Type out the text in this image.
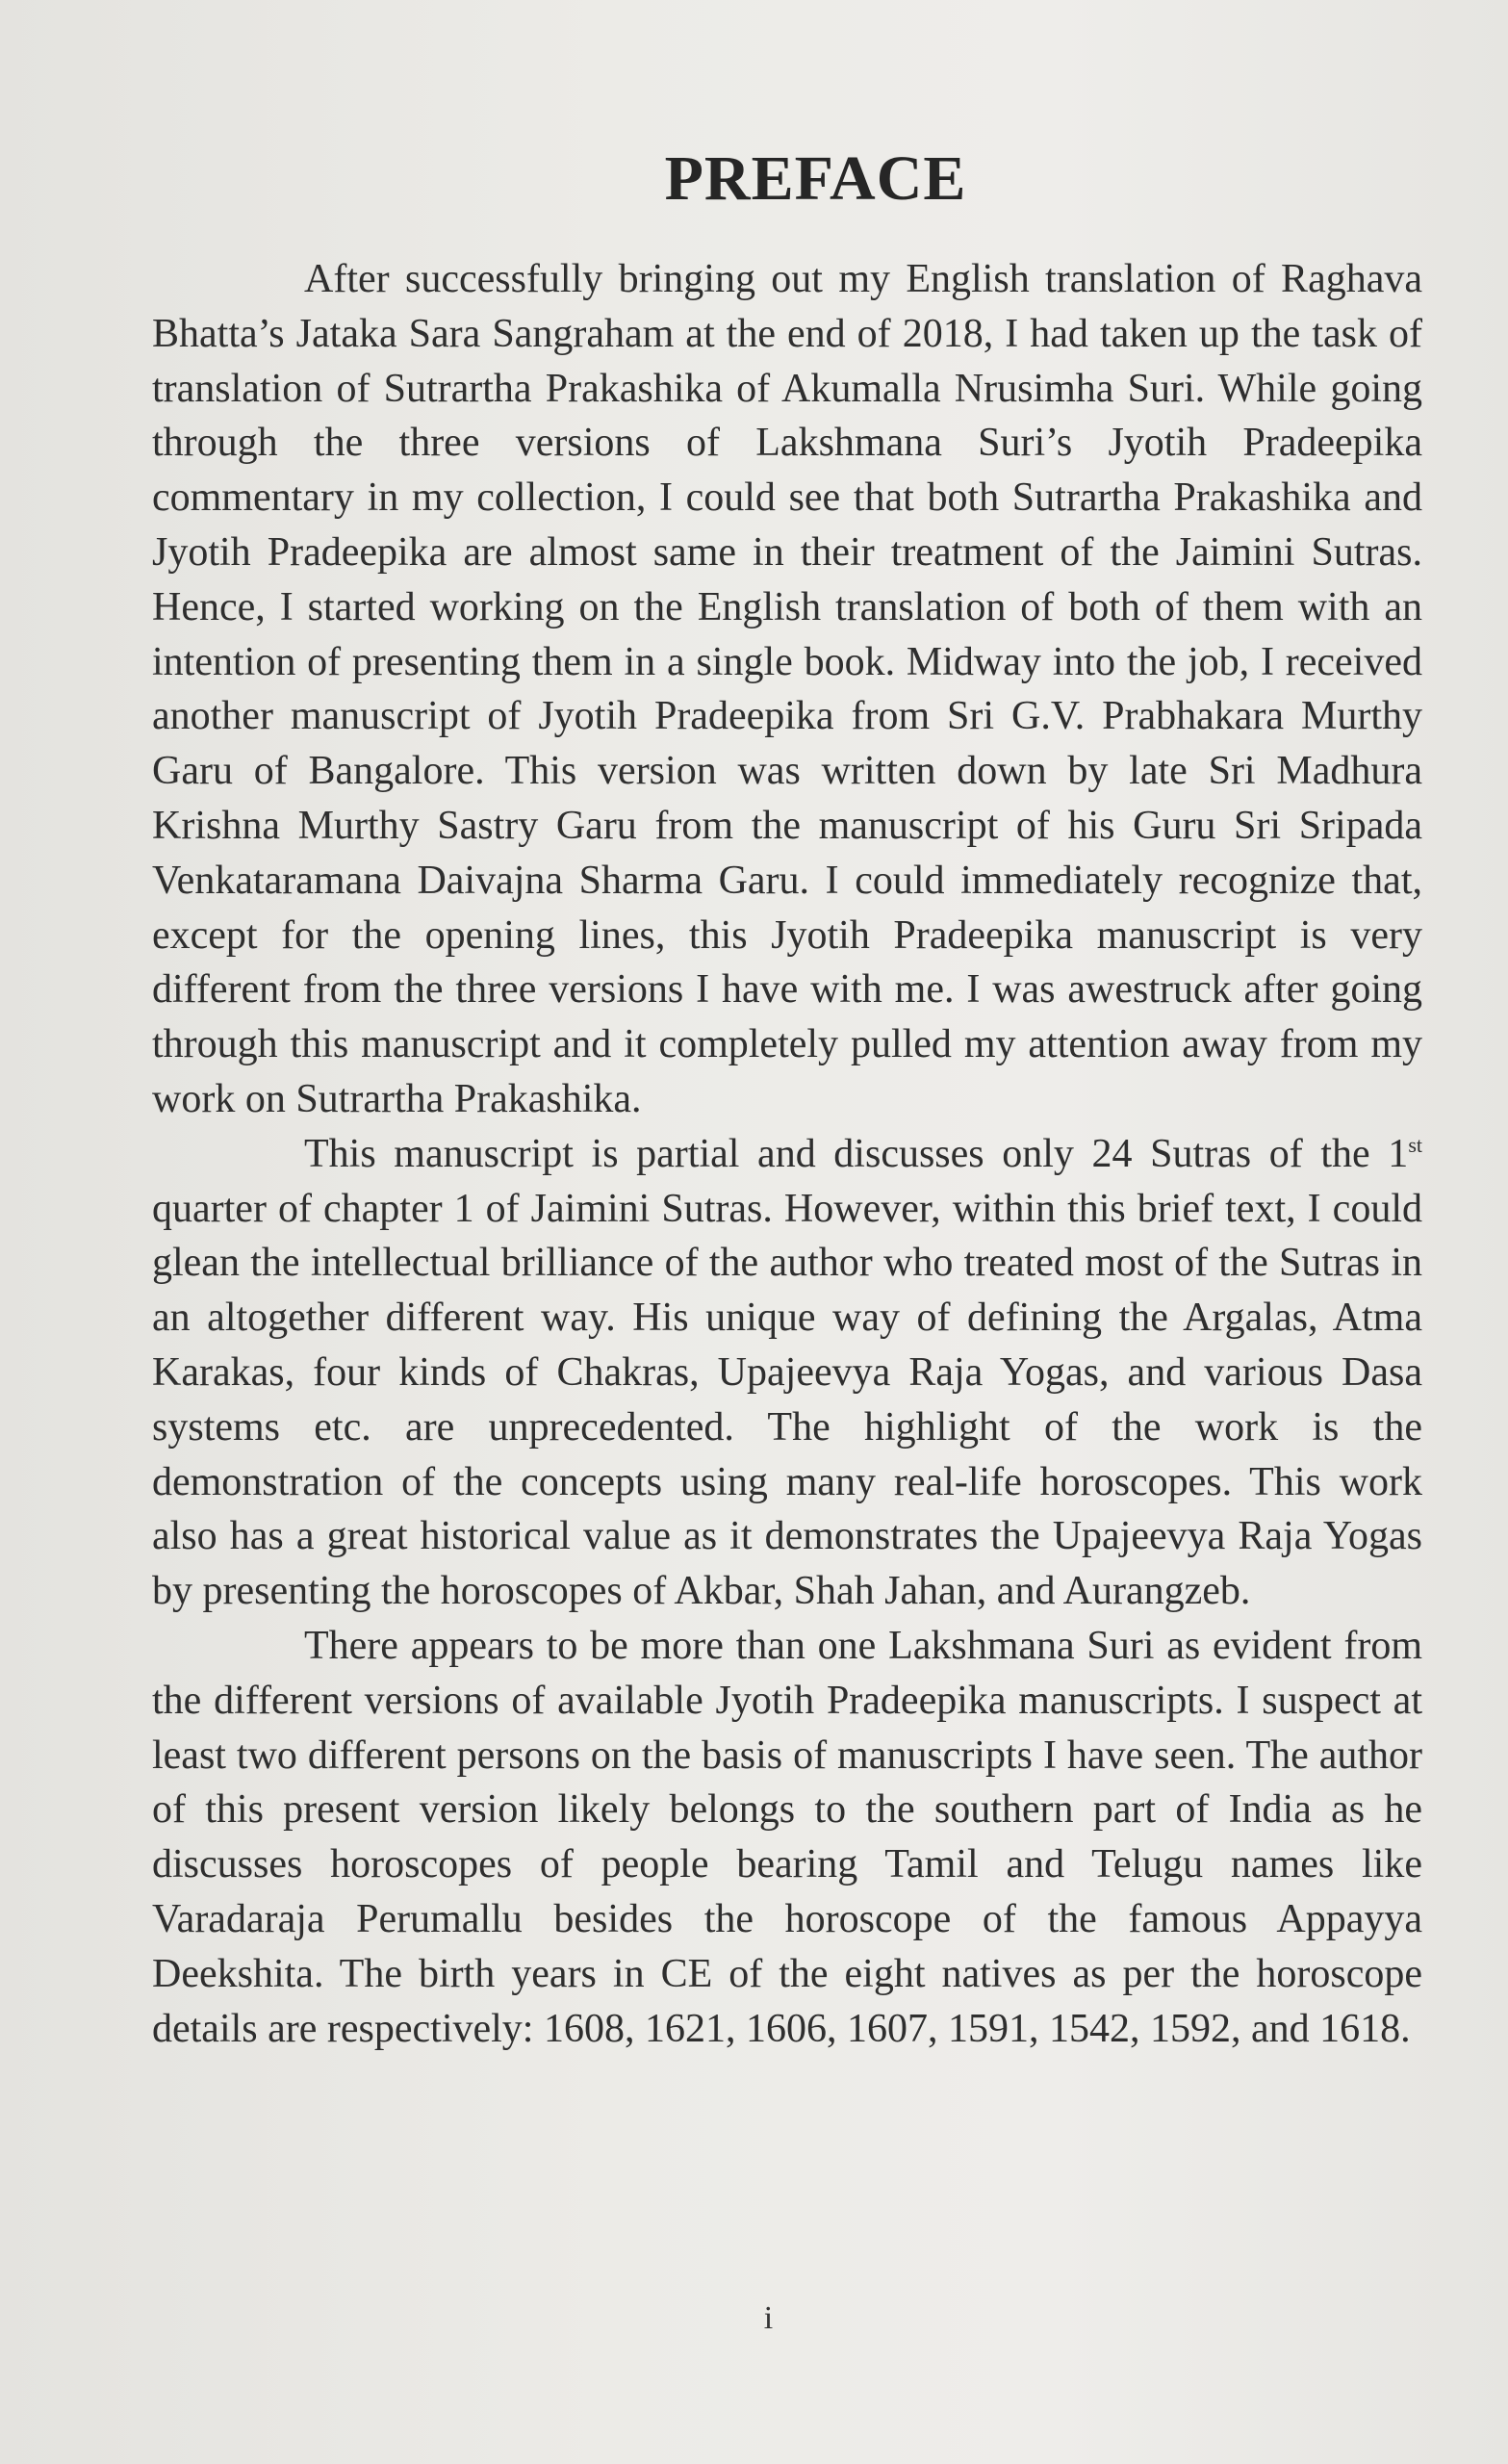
PREFACE

After successfully bringing out my English translation of Raghava Bhatta’s Jataka Sara Sangraham at the end of 2018, I had taken up the task of translation of Sutrartha Prakashika of Akumalla Nrusimha Suri. While going through the three versions of Lakshmana Suri’s Jyotih Pradeepika commentary in my collection, I could see that both Sutrartha Prakashika and Jyotih Pradeepika are almost same in their treatment of the Jaimini Sutras. Hence, I started working on the English translation of both of them with an intention of presenting them in a single book. Midway into the job, I received another manuscript of Jyotih Pradeepika from Sri G.V. Prabhakara Murthy Garu of Bangalore. This version was written down by late Sri Madhura Krishna Murthy Sastry Garu from the manuscript of his Guru Sri Sripada Venkataramana Daivajna Sharma Garu. I could immediately recognize that, except for the opening lines, this Jyotih Pradeepika manuscript is very different from the three versions I have with me. I was awestruck after going through this manuscript and it completely pulled my attention away from my work on Sutrartha Prakashika.

This manuscript is partial and discusses only 24 Sutras of the 1st quarter of chapter 1 of Jaimini Sutras. However, within this brief text, I could glean the intellectual brilliance of the author who treated most of the Sutras in an altogether different way. His unique way of defining the Argalas, Atma Karakas, four kinds of Chakras, Upajeevya Raja Yogas, and various Dasa systems etc. are unprecedented. The highlight of the work is the demonstration of the concepts using many real-life horoscopes. This work also has a great historical value as it demonstrates the Upajeevya Raja Yogas by presenting the horoscopes of Akbar, Shah Jahan, and Aurangzeb.

There appears to be more than one Lakshmana Suri as evident from the different versions of available Jyotih Pradeepika manuscripts. I suspect at least two different persons on the basis of manuscripts I have seen. The author of this present version likely belongs to the southern part of India as he discusses horoscopes of people bearing Tamil and Telugu names like Varadaraja Perumallu besides the horoscope of the famous Appayya Deekshita. The birth years in CE of the eight natives as per the horoscope details are respectively: 1608, 1621, 1606, 1607, 1591, 1542, 1592, and 1618.

i
